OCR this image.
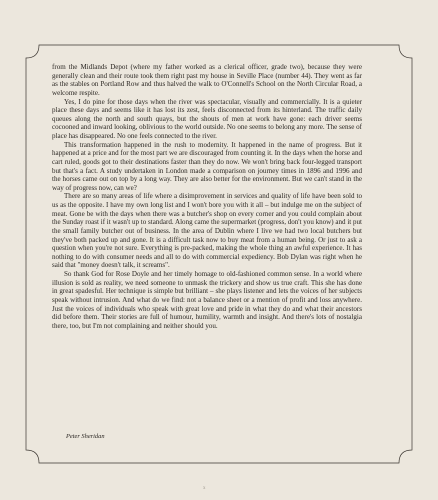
from the Midlands Depot (where my father worked as a clerical officer, grade two), because they were generally clean and their route took them right past my house in Seville Place (number 44). They went as far as the stables on Portland Row and thus halved the walk to O'Connell's School on the North Circular Road, a welcome respite.

Yes, I do pine for those days when the river was spectacular, visually and commercially. It is a quieter place these days and seems like it has lost its zest, feels disconnected from its hinterland. The traffic daily queues along the north and south quays, but the shouts of men at work have gone: each driver seems cocooned and inward looking, oblivious to the world outside. No one seems to belong any more. The sense of place has disappeared. No one feels connected to the river.

This transformation happened in the rush to modernity. It happened in the name of progress. But it happened at a price and for the most part we are discouraged from counting it. In the days when the horse and cart ruled, goods got to their destinations faster than they do now. We won't bring back four-legged transport but that's a fact. A study undertaken in London made a comparison on journey times in 1896 and 1996 and the horses came out on top by a long way. They are also better for the environment. But we can't stand in the way of progress now, can we?

There are so many areas of life where a disimprovement in services and quality of life have been sold to us as the opposite. I have my own long list and I won't bore you with it all – but indulge me on the subject of meat. Gone be with the days when there was a butcher's shop on every corner and you could complain about the Sunday roast if it wasn't up to standard. Along came the supermarket (progress, don't you know) and it put the small family butcher out of business. In the area of Dublin where I live we had two local butchers but they've both packed up and gone. It is a difficult task now to buy meat from a human being. Or just to ask a question when you're not sure. Everything is pre-packed, making the whole thing an awful experience. It has nothing to do with consumer needs and all to do with commercial expediency. Bob Dylan was right when he said that "money doesn't talk, it screams".

So thank God for Rose Doyle and her timely homage to old-fashioned common sense. In a world where illusion is sold as reality, we need someone to unmask the trickery and show us true craft. This she has done in great spadesful. Her technique is simple but brilliant – she plays listener and lets the voices of her subjects speak without intrusion. And what do we find: not a balance sheet or a mention of profit and loss anywhere. Just the voices of individuals who speak with great love and pride in what they do and what their ancestors did before them. Their stories are full of humour, humility, warmth and insight. And there's lots of nostalgia there, too, but I'm not complaining and neither should you.

Peter Sheridan
x
